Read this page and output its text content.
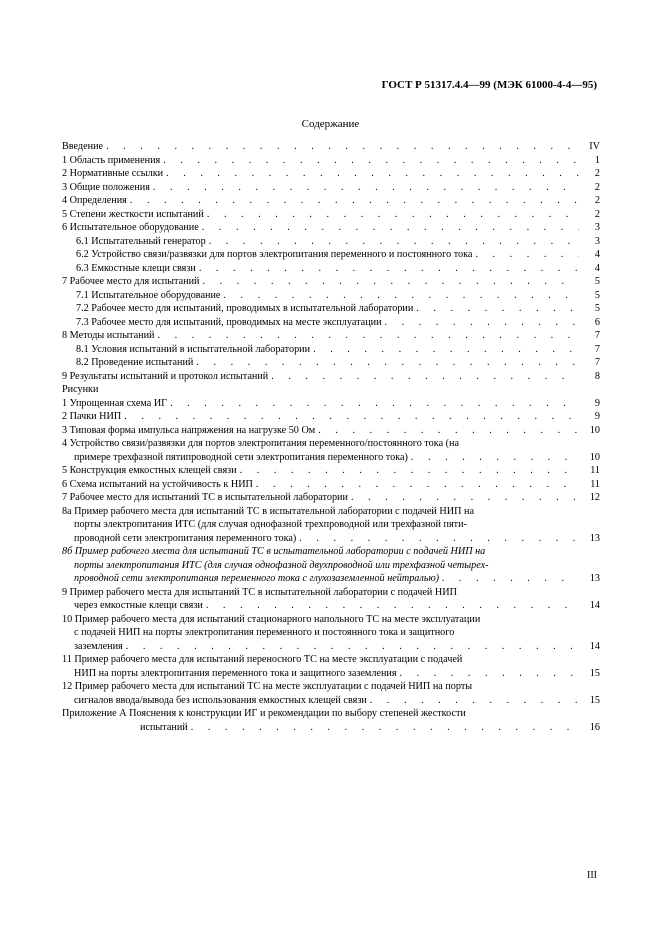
ГОСТ Р 51317.4.4—99 (МЭК 61000-4-4—95)
Содержание
Введение . . .	IV
1 Область применения . . .	1
2 Нормативные ссылки . . .	2
3 Общие положения . . .	2
4 Определения . . .	2
5 Степени жесткости испытаний . . .	2
6 Испытательное оборудование . . .	3
6.1 Испытательный генератор . . .	3
6.2 Устройство связи/развязки для портов электропитания переменного и постоянного тока . . .	4
6.3 Емкостные клещи связи . . .	4
7 Рабочее место для испытаний . . .	5
7.1 Испытательное оборудование . . .	5
7.2 Рабочее место для испытаний, проводимых в испытательной лаборатории . . .	5
7.3 Рабочее место для испытаний, проводимых на месте эксплуатации . . .	6
8 Методы испытаний . . .	7
8.1 Условия испытаний в испытательной лаборатории . . .	7
8.2 Проведение испытаний . . .	7
9 Результаты испытаний и протокол испытаний . . .	8
Рисунки
1 Упрощенная схема ИГ . . .	9
2 Пачки НИП . . .	9
3 Типовая форма импульса напряжения на нагрузке 50 Ом . . .	10
4 Устройство связи/развязки для портов электропитания переменного/постоянного тока (на
примере трехфазной пятипроводной сети электропитания переменного тока) . . .	10
5 Конструкция емкостных клещей связи . . .	11
6 Схема испытаний на устойчивость к НИП . . .	11
7 Рабочее место для испытаний ТС в испытательной лаборатории . . .	12
8а Пример рабочего места для испытаний ТС в испытательной лаборатории с подачей НИП на
порты электропитания ИТС (для случая однофазной трехпроводной или трехфазной пяти-
проводной сети электропитания переменного тока) . . .	13
8б Пример рабочего места для испытаний ТС в испытательной лаборатории с подачей НИП на
порты электропитания ИТС (для случая однофазной двухпроводной или трехфазной четырех-
проводной сети электропитания переменного тока с глухозаземленной нейтралью) . . .	13
9 Пример рабочего места для испытаний ТС в испытательной лаборатории с подачей НИП
через емкостные клещи связи . . .	14
10 Пример рабочего места для испытаний стационарного напольного ТС на месте эксплуатации
с подачей НИП на порты электропитания переменного и постоянного тока и защитного
заземления . . .	14
11 Пример рабочего места для испытаний переносного ТС на месте эксплуатации с подачей
НИП на порты электропитания переменного тока и защитного заземления . . .	15
12 Пример рабочего места для испытаний ТС на месте эксплуатации с подачей НИП на порты
сигналов ввода/вывода без использования емкостных клещей связи . . .	15
Приложение А Пояснения к конструкции ИГ и рекомендации по выбору степеней жесткости
испытаний . . .	16
III
